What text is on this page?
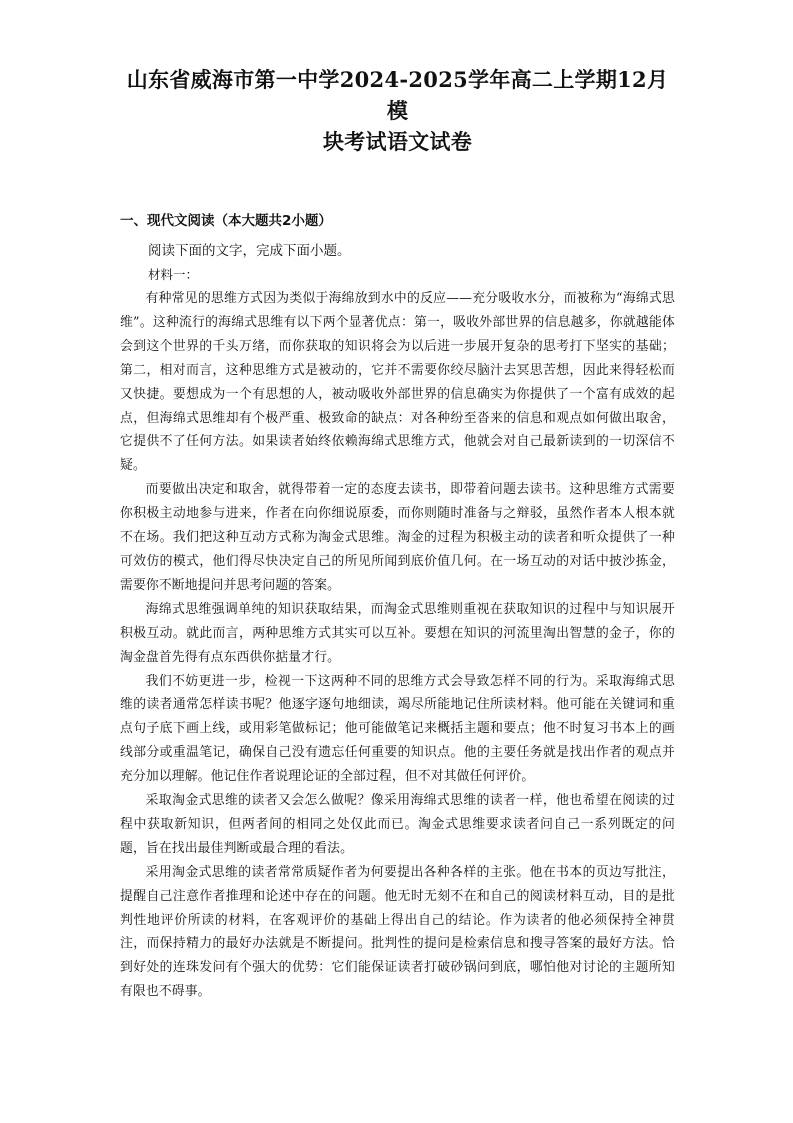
山东省威海市第一中学2024-2025学年高二上学期12月模
块考试语文试卷
一、现代文阅读（本大题共2小题）

阅读下面的文字，完成下面小题。

材料一：

有种常见的思维方式因为类似于海绵放到水中的反应——充分吸收水分，而被称为“海绵式思维”。这种流行的海绵式思维有以下两个显著优点：第一，吸收外部世界的信息越多，你就越能体会到这个世界的千头万绪，而你获取的知识将会为以后进一步展开复杂的思考打下坚实的基础；第二，相对而言，这种思维方式是被动的，它并不需要你绞尽脑汁去冥思苦想，因此来得轻松而又快捷。要想成为一个有思想的人，被动吸收外部世界的信息确实为你提供了一个富有成效的起点，但海绵式思维却有个极严重、极致命的缺点：对各种纷至沓来的信息和观点如何做出取舍，它提供不了任何方法。如果读者始终依赖海绵式思维方式，他就会对自己最新读到的一切深信不疑。

而要做出决定和取舍，就得带着一定的态度去读书，即带着问题去读书。这种思维方式需要你积极主动地参与进来，作者在向你细说原委，而你则随时准备与之辩驳，虽然作者本人根本就不在场。我们把这种互动方式称为淘金式思维。淘金的过程为积极主动的读者和听众提供了一种可效仿的模式，他们得尽快决定自己的所见所闻到底价值几何。在一场互动的对话中披沙拣金，需要你不断地提问并思考问题的答案。

海绵式思维强调单纯的知识获取结果，而淘金式思维则重视在获取知识的过程中与知识展开积极互动。就此而言，两种思维方式其实可以互补。要想在知识的河流里淘出智慧的金子，你的淘金盘首先得有点东西供你掂量才行。

我们不妨更进一步，检视一下这两种不同的思维方式会导致怎样不同的行为。采取海绵式思维的读者通常怎样读书呢？他逐字逐句地细读，竭尽所能地记住所读材料。他可能在关键词和重点句子底下画上线，或用彩笔做标记；他可能做笔记来概括主题和要点；他不时复习书本上的画线部分或重温笔记，确保自己没有遗忘任何重要的知识点。他的主要任务就是找出作者的观点并充分加以理解。他记住作者说理论证的全部过程，但不对其做任何评价。

采取淘金式思维的读者又会怎么做呢？像采用海绵式思维的读者一样，他也希望在阅读的过程中获取新知识，但两者间的相同之处仅此而已。淘金式思维要求读者问自己一系列既定的问题，旨在找出最佳判断或最合理的看法。

采用淘金式思维的读者常常质疑作者为何要提出各种各样的主张。他在书本的页边写批注，提醒自己注意作者推理和论述中存在的问题。他无时无刻不在和自己的阅读材料互动，目的是批判性地评价所读的材料，在客观评价的基础上得出自己的结论。作为读者的他必须保持全神贯注，而保持精力的最好办法就是不断提问。批判性的提问是检索信息和搜寻答案的最好方法。恰到好处的连珠发问有个强大的优势：它们能保证读者打破砂锅问到底，哪怕他对讨论的主题所知有限也不碍事。
